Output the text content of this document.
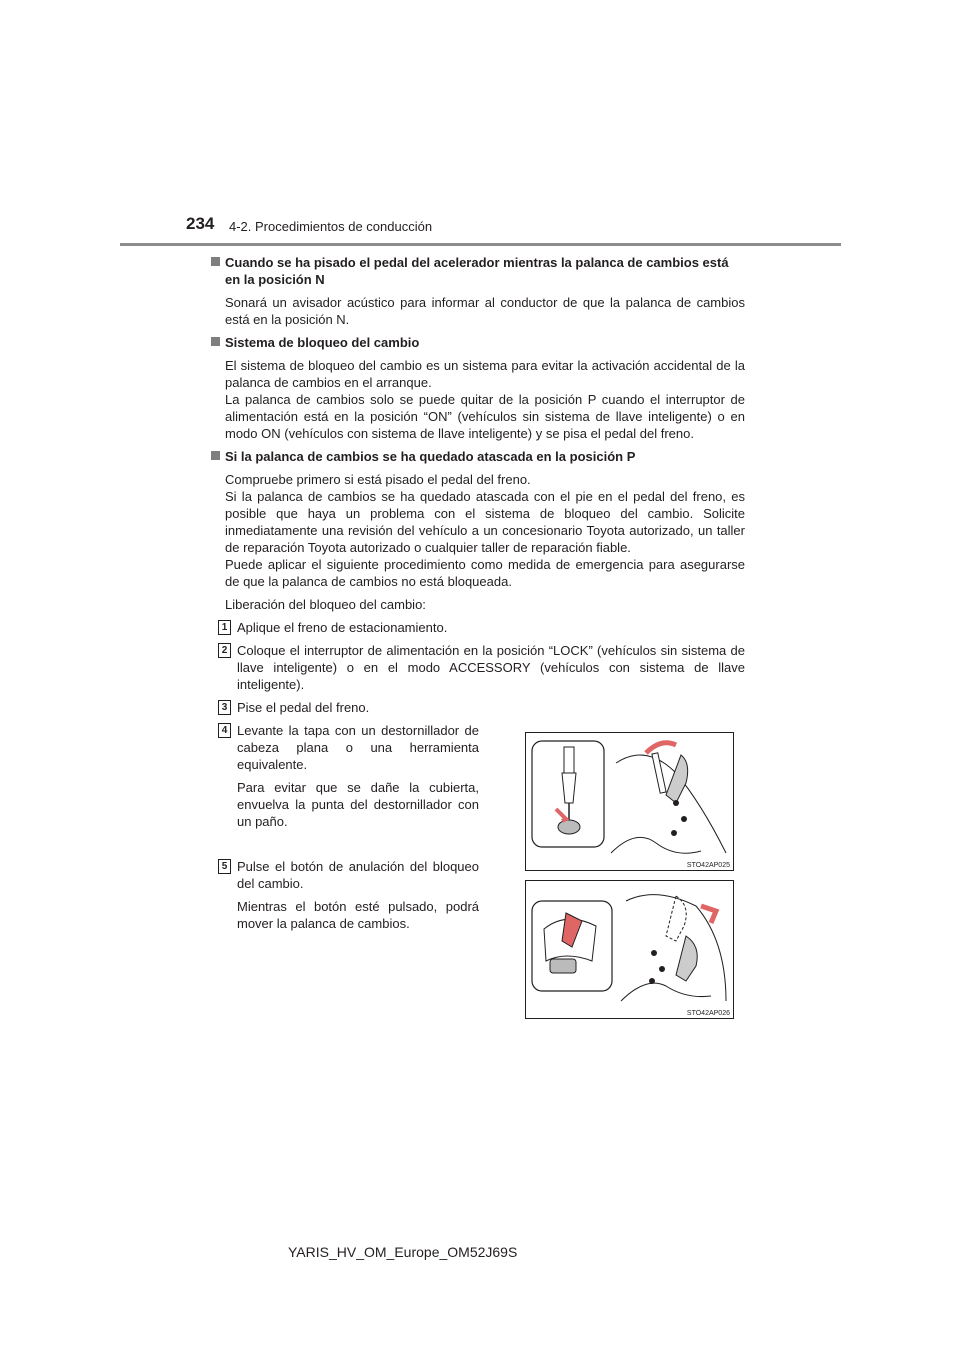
234 4-2. Procedimientos de conducción
Cuando se ha pisado el pedal del acelerador mientras la palanca de cambios está en la posición N
Sonará un avisador acústico para informar al conductor de que la palanca de cambios está en la posición N.
Sistema de bloqueo del cambio
El sistema de bloqueo del cambio es un sistema para evitar la activación accidental de la palanca de cambios en el arranque.
La palanca de cambios solo se puede quitar de la posición P cuando el interruptor de alimentación está en la posición “ON” (vehículos sin sistema de llave inteligente) o en modo ON (vehículos con sistema de llave inteligente) y se pisa el pedal del freno.
Si la palanca de cambios se ha quedado atascada en la posición P
Compruebe primero si está pisado el pedal del freno.
Si la palanca de cambios se ha quedado atascada con el pie en el pedal del freno, es posible que haya un problema con el sistema de bloqueo del cambio. Solicite inmediatamente una revisión del vehículo a un concesionario Toyota autorizado, un taller de reparación Toyota autorizado o cualquier taller de reparación fiable.
Puede aplicar el siguiente procedimiento como medida de emergencia para asegurarse de que la palanca de cambios no está bloqueada.
Liberación del bloqueo del cambio:
1 Aplique el freno de estacionamiento.
2 Coloque el interruptor de alimentación en la posición “LOCK” (vehículos sin sistema de llave inteligente) o en el modo ACCESSORY (vehículos con sistema de llave inteligente).
3 Pise el pedal del freno.
4 Levante la tapa con un destornillador de cabeza plana o una herramienta equivalente.
Para evitar que se dañe la cubierta, envuelva la punta del destornillador con un paño.
5 Pulse el botón de anulación del bloqueo del cambio.
Mientras el botón esté pulsado, podrá mover la palanca de cambios.
STO42AP025
STO42AP026
YARIS_HV_OM_Europe_OM52J69S
